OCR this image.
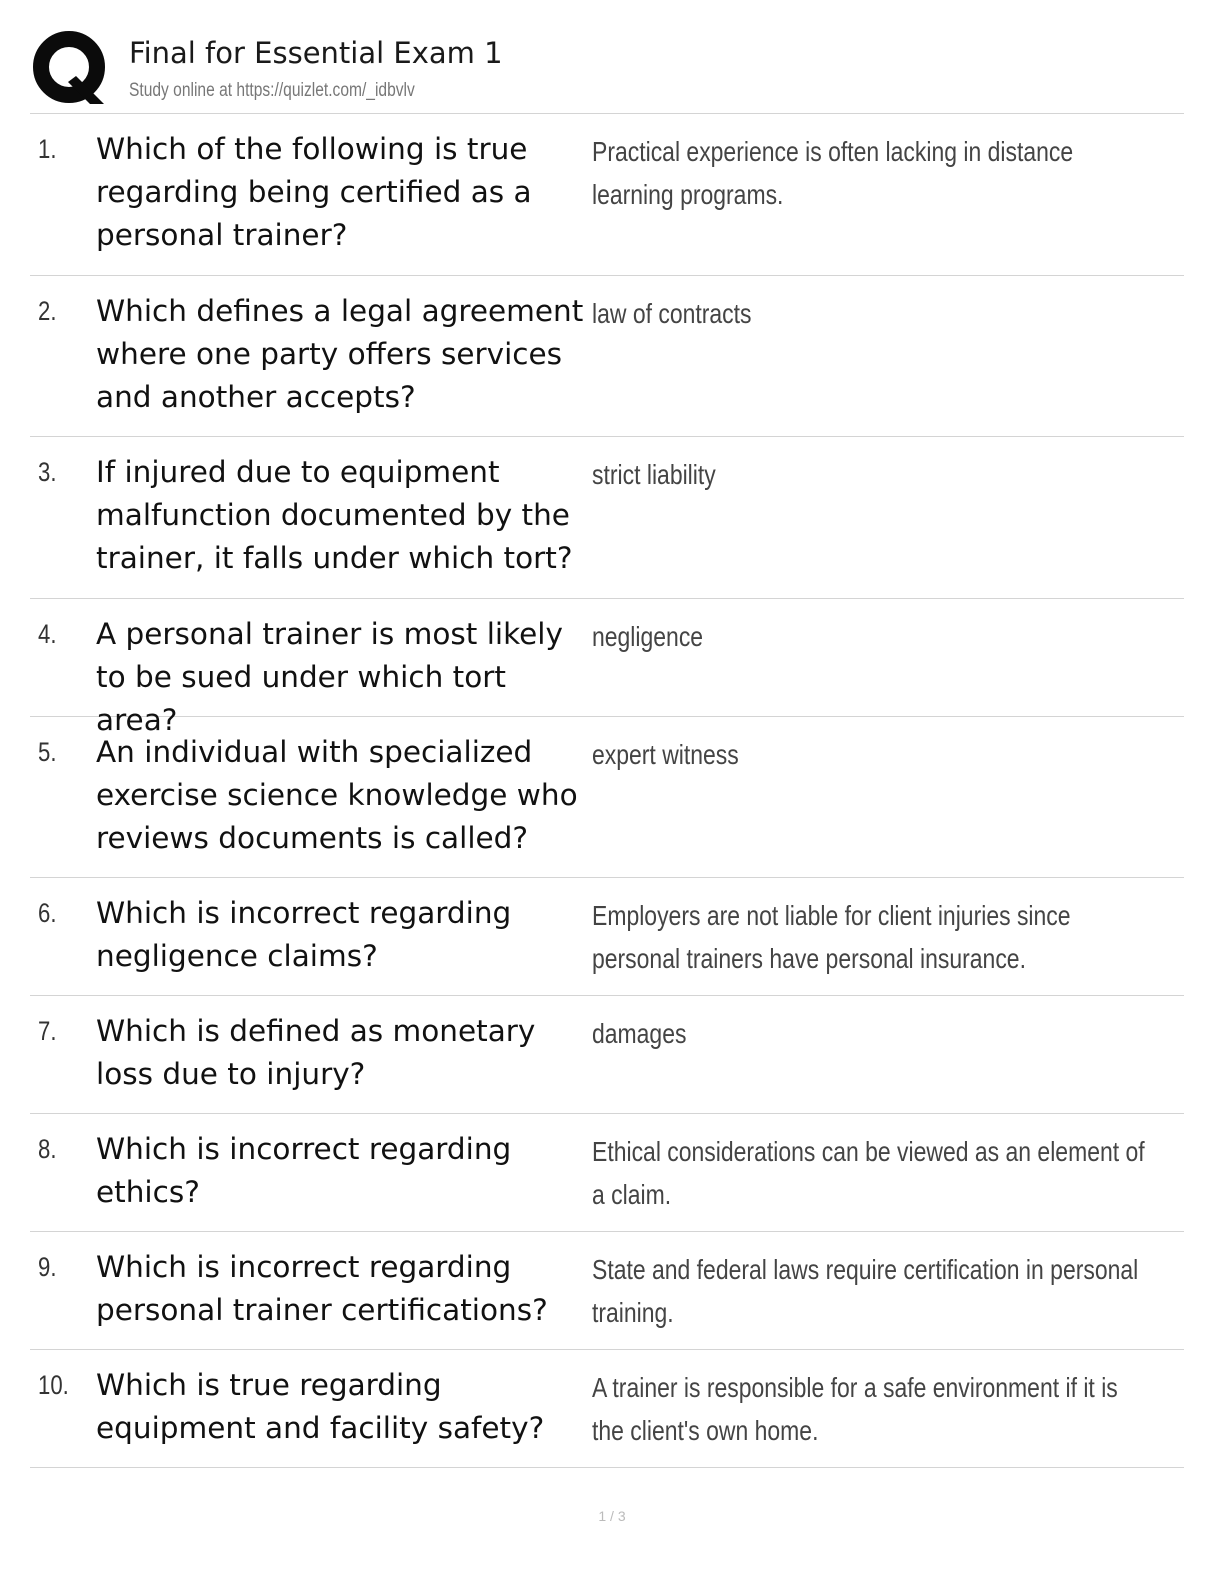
Final for Essential Exam 1
Study online at https://quizlet.com/_idbvlv
1. Which of the following is true regarding being certified as a personal trainer?
Practical experience is often lacking in distance learning programs.
2. Which defines a legal agreement where one party offers services and another accepts?
law of contracts
3. If injured due to equipment malfunction documented by the trainer, it falls under which tort?
strict liability
4. A personal trainer is most likely to be sued under which tort area?
negligence
5. An individual with specialized exercise science knowledge who reviews documents is called?
expert witness
6. Which is incorrect regarding negligence claims?
Employers are not liable for client injuries since personal trainers have personal insurance.
7. Which is defined as monetary loss due to injury?
damages
8. Which is incorrect regarding ethics?
Ethical considerations can be viewed as an element of a claim.
9. Which is incorrect regarding personal trainer certifications?
State and federal laws require certification in personal training.
10. Which is true regarding equipment and facility safety?
A trainer is responsible for a safe environment if it is the client's own home.
1 / 3
